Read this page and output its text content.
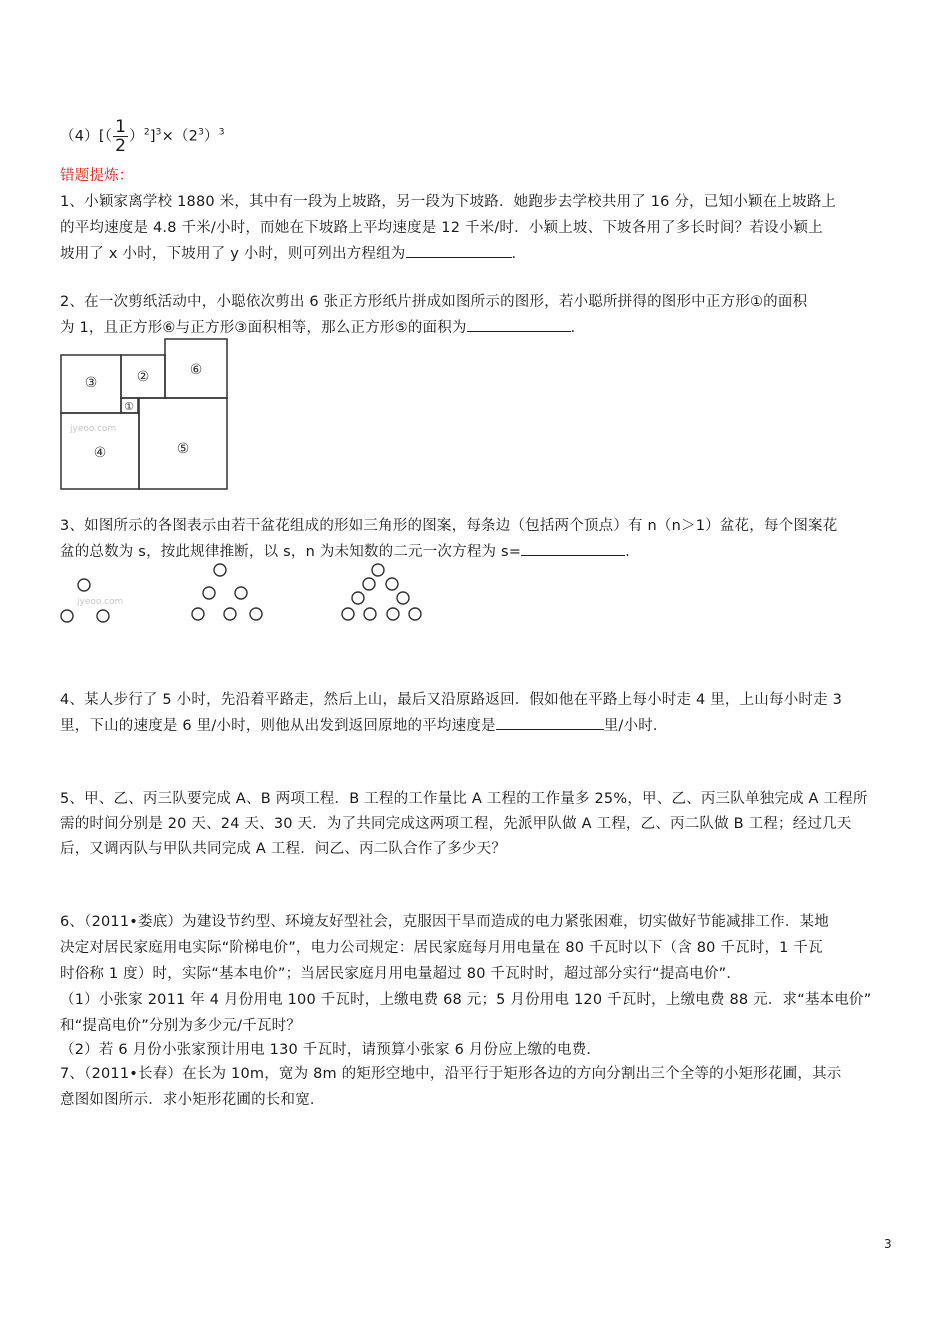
$(4)[( \frac{1}{2} )^2]^3\times(2^3)^3$
错题提炼：
1、小颖家离学校 1880 米，其中有一段为上坡路，另一段为下坡路．她跑步去学校共用了 16 分，已知小颖在上坡路上
的平均速度是 4.8 千米/小时，而她在下坡路上平均速度是 12 千米/时．小颖上坡、下坡各用了多长时间？若设小颖上
坡用了 x 小时，下坡用了 y 小时，则可列出方程组为	．
2、在一次剪纸活动中，小聪依次剪出 6 张正方形纸片拼成如图所示的图形，若小聪所拼得的图形中正方形①的面积
为 1，且正方形⑥与正方形③面积相等，那么正方形⑤的面积为	．
jyeoo.com
③	②	⑥
①
④	⑤
3、如图所示的各图表示由若干盆花组成的形如三角形的图案，每条边（包括两个顶点）有 n（n＞1）盆花，每个图案花
盆的总数为 s，按此规律推断，以 s，n 为未知数的二元一次方程为 s=	．
jyeoo.com
4、某人步行了 5 小时，先沿着平路走，然后上山，最后又沿原路返回．假如他在平路上每小时走 4 里，上山每小时走 3
里，下山的速度是 6 里/小时，则他从出发到返回原地的平均速度是	里/小时．
5、甲、乙、丙三队要完成 A、B 两项工程．B 工程的工作量比 A 工程的工作量多 25%，甲、乙、丙三队单独完成 A 工程所
需的时间分别是 20 天、24 天、30 天．为了共同完成这两项工程，先派甲队做 A 工程，乙、丙二队做 B 工程；经过几天
后，又调丙队与甲队共同完成 A 工程．问乙、丙二队合作了多少天？
6、（2011•娄底）为建设节约型、环境友好型社会，克服因干旱而造成的电力紧张困难，切实做好节能减排工作．某地
决定对居民家庭用电实际“阶梯电价”，电力公司规定：居民家庭每月用电量在 80 千瓦时以下（含 80 千瓦时，1 千瓦
时俗称 1 度）时，实际“基本电价”；当居民家庭月用电量超过 80 千瓦时时，超过部分实行“提高电价”．
（1）小张家 2011 年 4 月份用电 100 千瓦时，上缴电费 68 元；5 月份用电 120 千瓦时，上缴电费 88 元．求“基本电价”
和“提高电价”分别为多少元/千瓦时？
（2）若 6 月份小张家预计用电 130 千瓦时，请预算小张家 6 月份应上缴的电费．
7、（2011•长春）在长为 10m，宽为 8m 的矩形空地中，沿平行于矩形各边的方向分割出三个全等的小矩形花圃，其示
意图如图所示．求小矩形花圃的长和宽．
3
